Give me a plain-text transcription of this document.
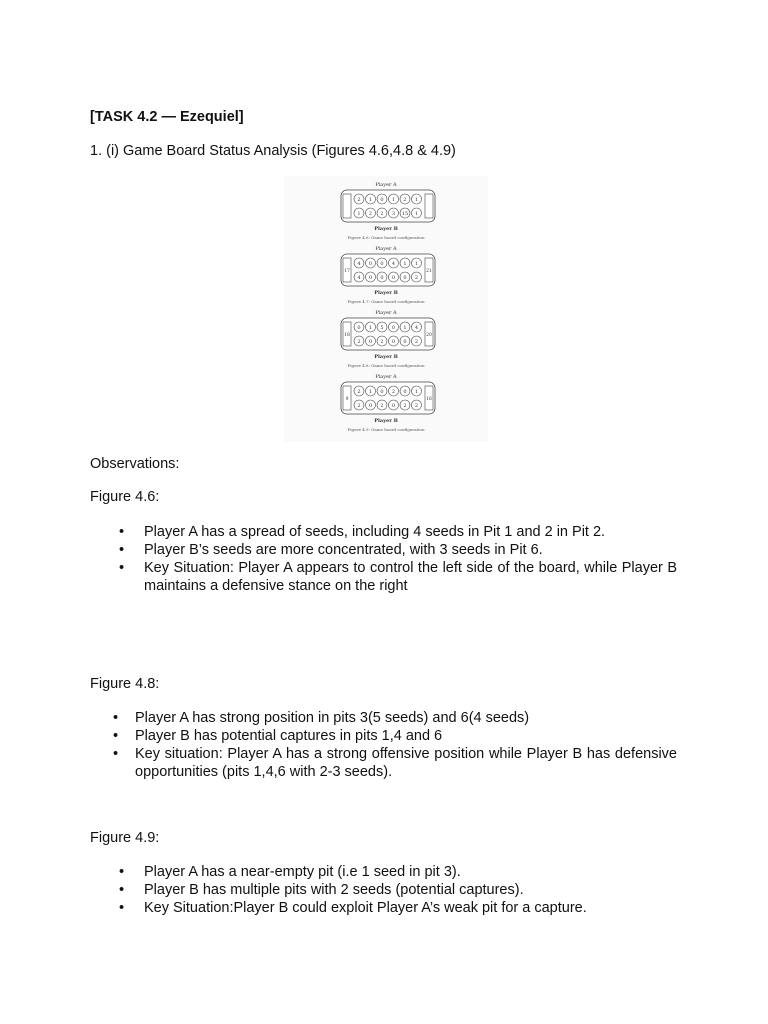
[TASK 4.2 — Ezequiel]
1. (i) Game Board Status Analysis (Figures 4.6,4.8 & 4.9)
Player A
2 1 0 1 2 1
1 2 2 3 15 1
Player B
Figure 4.6: Game board configuration
Player A
17	21
4 0 0 4 1 1
4 0 0 0 0 2
Player B
Figure 4.7: Game board configuration
Player A
18	20
0 1 5 0 1 4
2 0 2 0 0 2
Player B
Figure 4.8: Game board configuration
Player A
9	16
2 1 0 2 0 1
2 0 2 0 2 2
Player B
Figure 4.9: Game board configuration
Observations:
Figure 4.6:
• Player A has a spread of seeds, including 4 seeds in Pit 1 and 2 in Pit 2.
• Player B’s seeds are more concentrated, with 3 seeds in Pit 6.
• Key Situation: Player A appears to control the left side of the board, while Player B maintains a defensive stance on the right
Figure 4.8:
• Player A has strong position in pits 3(5 seeds) and 6(4 seeds)
• Player B has potential captures in pits 1,4 and 6
• Key situation: Player A has a strong offensive position while Player B has defensive opportunities (pits 1,4,6 with 2-3 seeds).
Figure 4.9:
• Player A has a near-empty pit (i.e 1 seed in pit 3).
• Player B has multiple pits with 2 seeds (potential captures).
• Key Situation:Player B could exploit Player A’s weak pit for a capture.
